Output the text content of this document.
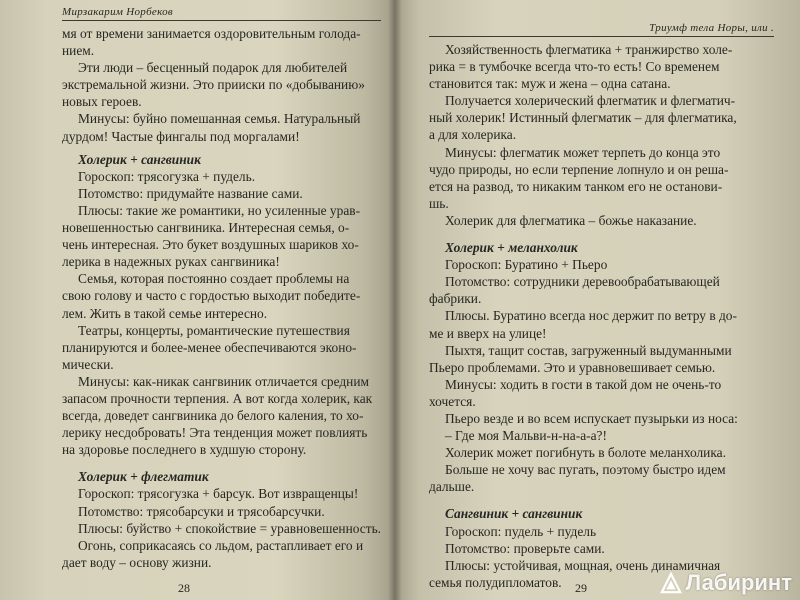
Мирзакарим Норбеков
мя от времени занимается оздоровительным голода-
нием.
Эти люди – бесценный подарок для любителей
экстремальной жизни. Это прииски по «добыванию»
новых героев.
Минусы: буйно помешанная семья. Натуральный
дурдом! Частые фингалы под моргалами!
Холерик + сангвиник
Гороскоп: трясогузка + пудель.
Потомство: придумайте название сами.
Плюсы: такие же романтики, но усиленные урав-
новешенностью сангвиника. Интересная семья, о-
чень интересная. Это букет воздушных шариков хо-
лерика в надежных руках сангвиника!
Семья, которая постоянно создает проблемы на
свою голову и часто с гордостью выходит победите-
лем. Жить в такой семье интересно.
Театры, концерты, романтические путешествия
планируются и более-менее обеспечиваются эконо-
мически.
Минусы: как-никак сангвиник отличается средним
запасом прочности терпения. А вот когда холерик, как
всегда, доведет сангвиника до белого каления, то хо-
лерику несдобровать! Эта тенденция может повлиять
на здоровье последнего в худшую сторону.
Холерик + флегматик
Гороскоп: трясогузка + барсук. Вот извращенцы!
Потомство: трясобарсуки и трясобарсучки.
Плюсы: буйство + спокойствие = уравновешенность.
Огонь, соприкасаясь со льдом, растапливает его и
дает воду – основу жизни.
28
Триумф тела Норы, или .
Хозяйственность флегматика + транжирство холе-
рика = в тумбочке всегда что-то есть! Со временем
становится так: муж и жена – одна сатана.
Получается холерический флегматик и флегматич-
ный холерик! Истинный флегматик – для флегматика,
а для холерика.
Минусы: флегматик может терпеть до конца это
чудо природы, но если терпение лопнуло и он реша-
ется на развод, то никаким танком его не останови-
шь.
Холерик для флегматика – божье наказание.
Холерик + меланхолик
Гороскоп: Буратино + Пьеро
Потомство: сотрудники деревообрабатывающей
фабрики.
Плюсы. Буратино всегда нос держит по ветру в до-
ме и вверх на улице!
Пыхтя, тащит состав, загруженный выдуманными
Пьеро проблемами. Это и уравновешивает семью.
Минусы: ходить в гости в такой дом не очень-то
хочется.
Пьеро везде и во всем испускает пузырьки из носа:
– Где моя Мальви-н-на-а-а?!
Холерик может погибнуть в болоте меланхолика.
Больше не хочу вас пугать, поэтому быстро идем
дальше.
Сангвиник + сангвиник
Гороскоп: пудель + пудель
Потомство: проверьте сами.
Плюсы: устойчивая, мощная, очень динамичная
семья полудипломатов.	29	Лабиринт
